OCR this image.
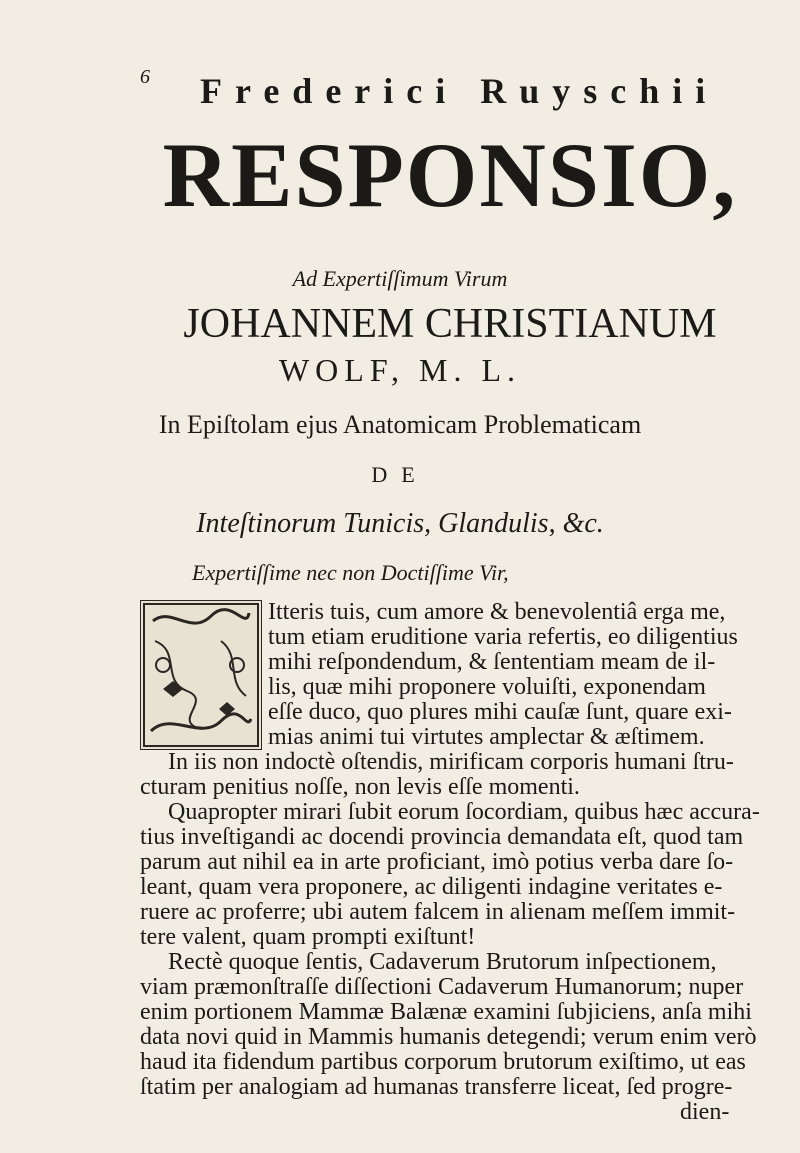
6 Frederici Ruyschii
RESPONSIO,
Ad Expertiſſimum Virum
JOHANNEM CHRISTIANUM
WOLF, M. L.
In Epiſtolam ejus Anatomicam Problematicam
DE
Inteſtinorum Tunicis, Glandulis, &c.
Expertiſſime nec non Doctiſſime Vir,
Itteris tuis, cum amore & benevolentiâ erga me,
tum etiam eruditione varia refertis, eo diligentius
mihi reſpondendum, & ſententiam meam de il-
lis, quæ mihi proponere voluiſti, exponendam
eſſe duco, quo plures mihi cauſæ ſunt, quare exi-
mias animi tui virtutes amplectar & æſtimem.
In iis non indoctè oſtendis, mirificam corporis humani ſtru-
cturam penitius noſſe, non levis eſſe momenti.
Quapropter mirari ſubit eorum ſocordiam, quibus hæc accura-
tius inveſtigandi ac docendi provincia demandata eſt, quod tam
parum aut nihil ea in arte proficiant, imò potius verba dare ſo-
leant, quam vera proponere, ac diligenti indagine veritates e-
ruere ac proferre; ubi autem falcem in alienam meſſem immit-
tere valent, quam prompti exiſtunt!
Rectè quoque ſentis, Cadaverum Brutorum inſpectionem,
viam præmonſtraſſe diſſectioni Cadaverum Humanorum; nuper
enim portionem Mammæ Balænæ examini ſubjiciens, anſa mihi
data novi quid in Mammis humanis detegendi; verum enim verò
haud ita fidendum partibus corporum brutorum exiſtimo, ut eas
ſtatim per analogiam ad humanas transferre liceat, ſed progre-
dien-
